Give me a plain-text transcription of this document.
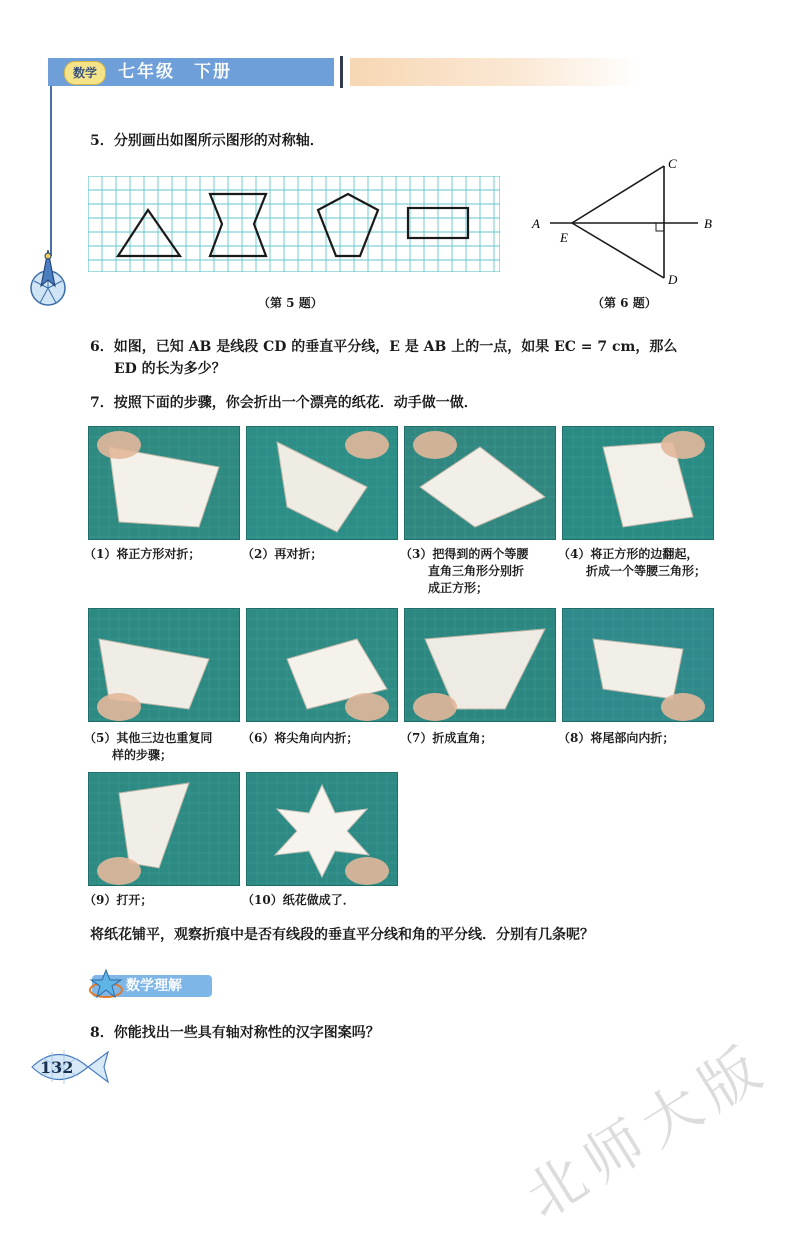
数学	七年级　下册
5．分别画出如图所示图形的对称轴．
（第 5 题）
A	B
C
D
E
（第 6 题）
6．如图，已知 AB 是线段 CD 的垂直平分线，E 是 AB 上的一点，如果 EC = 7 cm，那么
ED 的长为多少？
7．按照下面的步骤，你会折出一个漂亮的纸花．动手做一做．
（1）将正方形对折；	（2）再对折；	（3）把得到的两个等腰
直角三角形分别折
成正方形；
（4）将正方形的边翻起，
折成一个等腰三角形；
（5）其他三边也重复同
样的步骤；
（6）将尖角向内折；	（7）折成直角；	（8）将尾部向内折；
（9）打开；	（10）纸花做成了．
将纸花铺平，观察折痕中是否有线段的垂直平分线和角的平分线．分别有几条呢？
数学理解
8．你能找出一些具有轴对称性的汉字图案吗？
132	北师大版
